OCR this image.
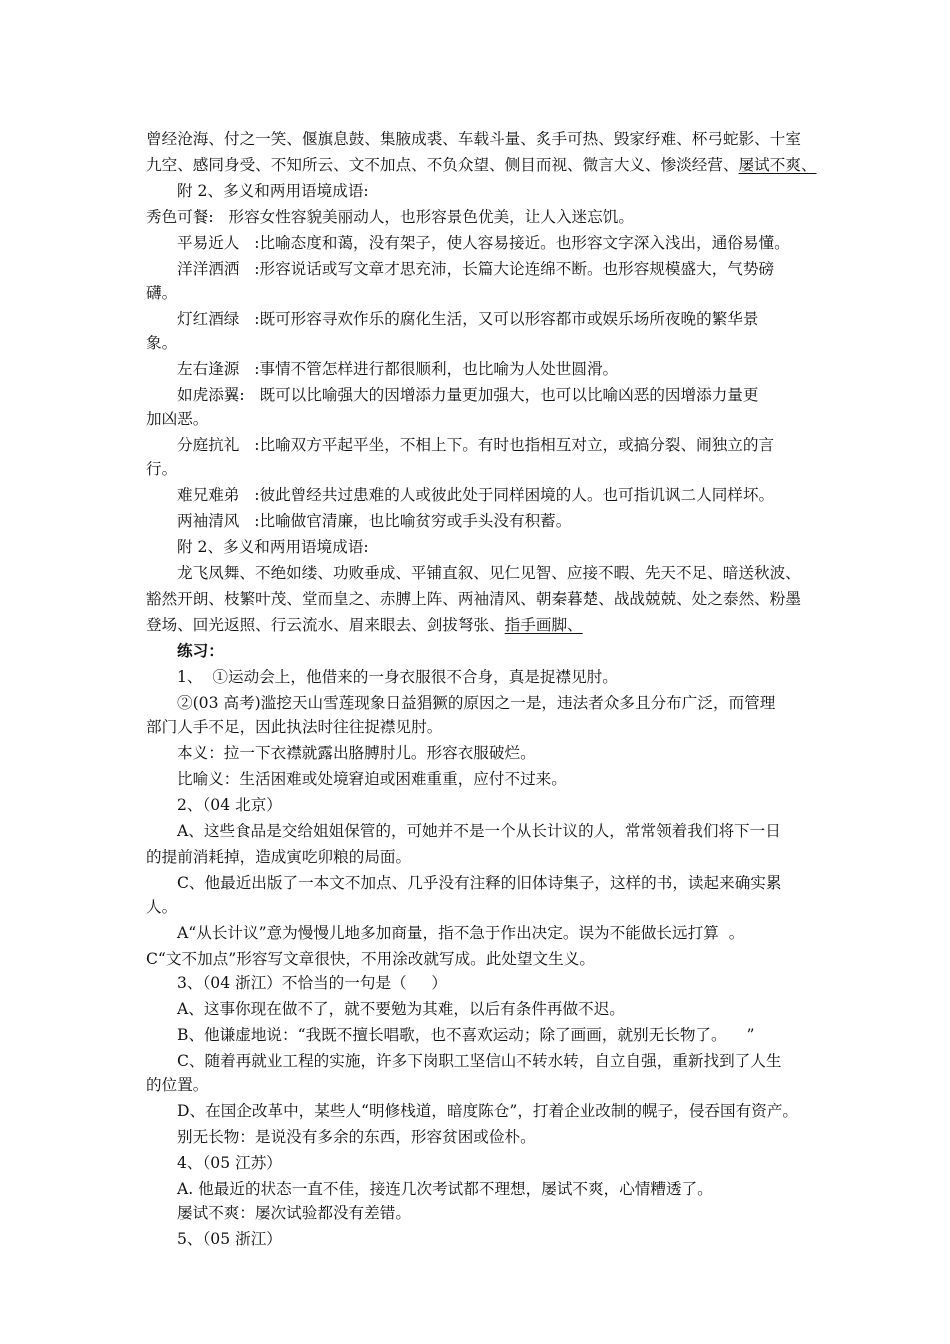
曾经沧海、付之一笑、偃旗息鼓、集腋成裘、车载斗量、炙手可热、毁家纾难、杯弓蛇影、十室
九空、感同身受、不知所云、文不加点、不负众望、侧目而视、微言大义、惨淡经营、屡试不爽、
附 2、多义和两用语境成语:
秀色可餐:   形容女性容貌美丽动人，也形容景色优美，让人入迷忘饥。
平易近人   :比喻态度和蔼，没有架子，使人容易接近。也形容文字深入浅出，通俗易懂。
洋洋洒洒   :形容说话或写文章才思充沛，长篇大论连绵不断。也形容规模盛大，气势磅
礴。
灯红酒绿   :既可形容寻欢作乐的腐化生活，又可以形容都市或娱乐场所夜晚的繁华景
象。
左右逢源   :事情不管怎样进行都很顺利，也比喻为人处世圆滑。
如虎添翼:   既可以比喻强大的因增添力量更加强大，也可以比喻凶恶的因增添力量更
加凶恶。
分庭抗礼   :比喻双方平起平坐，不相上下。有时也指相互对立，或搞分裂、闹独立的言
行。
难兄难弟   :彼此曾经共过患难的人或彼此处于同样困境的人。也可指讥讽二人同样坏。
两袖清风   :比喻做官清廉，也比喻贫穷或手头没有积蓄。
附 2、多义和两用语境成语:
龙飞凤舞、不绝如缕、功败垂成、平铺直叙、见仁见智、应接不暇、先天不足、暗送秋波、
豁然开朗、枝繁叶茂、堂而皇之、赤膊上阵、两袖清风、朝秦暮楚、战战兢兢、处之泰然、粉墨
登场、回光返照、行云流水、眉来眼去、剑拔弩张、指手画脚、
练习：
1、  ①运动会上，他借来的一身衣服很不合身，真是捉襟见肘。
②(03 高考)滥挖天山雪莲现象日益猖獗的原因之一是，违法者众多且分布广泛，而管理
部门人手不足，因此执法时往往捉襟见肘。
本义：拉一下衣襟就露出胳膊肘儿。形容衣服破烂。
比喻义：生活困难或处境窘迫或困难重重，应付不过来。
2、（04 北京）
A、这些食品是交给姐姐保管的，可她并不是一个从长计议的人，常常领着我们将下一日
的提前消耗掉，造成寅吃卯粮的局面。
C、他最近出版了一本文不加点、几乎没有注释的旧体诗集子，这样的书，读起来确实累
人。
A“从长计议”意为慢慢儿地多加商量，指不急于作出决定。误为不能做长远打算  。
C“文不加点”形容写文章很快，不用涂改就写成。此处望文生义。
3、（04 浙江）不恰当的一句是（     ）
A、这事你现在做不了，就不要勉为其难，以后有条件再做不迟。
B、他谦虚地说：“我既不擅长唱歌，也不喜欢运动；除了画画，就别无长物了。    ”
C、随着再就业工程的实施，许多下岗职工坚信山不转水转，自立自强，重新找到了人生
的位置。
D、在国企改革中，某些人“明修栈道，暗度陈仓”，打着企业改制的幌子，侵吞国有资产。
别无长物：是说没有多余的东西，形容贫困或俭朴。
4、（05 江苏）
A. 他最近的状态一直不佳，接连几次考试都不理想，屡试不爽，心情糟透了。
屡试不爽：屡次试验都没有差错。
5、（05 浙江）
